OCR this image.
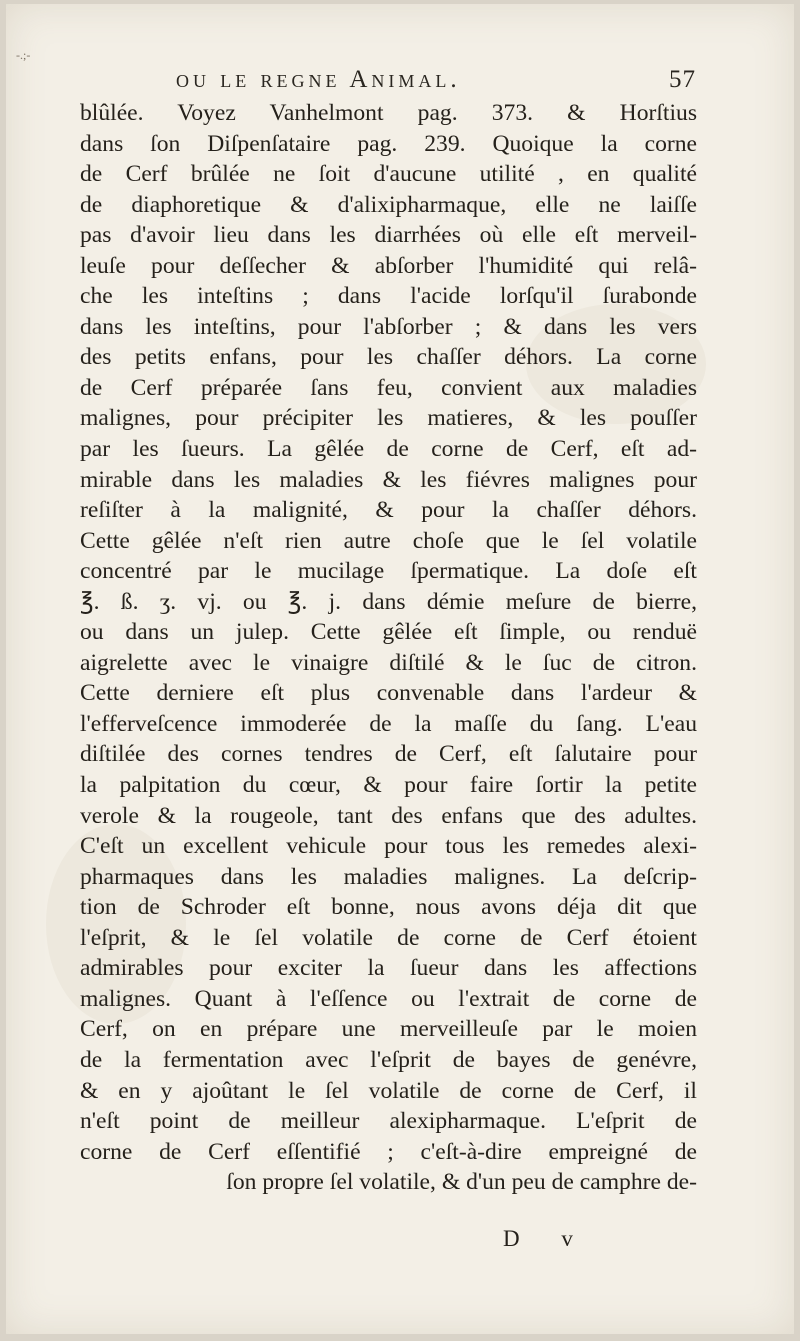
-.;-
ou le regne Animal.	57
blûlée. Voyez Vanhelmont pag. 373. & Horſtius
dans ſon Diſpenſataire pag. 239. Quoique la corne
de Cerf brûlée ne ſoit d'aucune utilité , en qualité
de diaphoretique & d'alixipharmaque, elle ne laiſſe
pas d'avoir lieu dans les diarrhées où elle eſt merveil-
leuſe pour deſſecher & abſorber l'humidité qui relâ-
che les inteſtins ; dans l'acide lorſqu'il ſurabonde
dans les inteſtins, pour l'abſorber ; & dans les vers
des petits enfans, pour les chaſſer déhors. La corne
de Cerf préparée ſans feu, convient aux maladies
malignes, pour précipiter les matieres, & les pouſſer
par les ſueurs. La gêlée de corne de Cerf, eſt ad-
mirable dans les maladies & les fiévres malignes pour
reſiſter à la malignité, & pour la chaſſer déhors.
Cette gêlée n'eſt rien autre choſe que le ſel volatile
concentré par le mucilage ſpermatique. La doſe eſt
℥. ß. ʒ. vj. ou ℥. j. dans démie meſure de bierre,
ou dans un julep. Cette gêlée eſt ſimple, ou renduë
aigrelette avec le vinaigre diſtilé & le ſuc de citron.
Cette derniere eſt plus convenable dans l'ardeur &
l'efferveſcence immoderée de la maſſe du ſang. L'eau
diſtilée des cornes tendres de Cerf, eſt ſalutaire pour
la palpitation du cœur, & pour faire ſortir la petite
verole & la rougeole, tant des enfans que des adultes.
C'eſt un excellent vehicule pour tous les remedes alexi-
pharmaques dans les maladies malignes. La deſcrip-
tion de Schroder eſt bonne, nous avons déja dit que
l'eſprit, & le ſel volatile de corne de Cerf étoient
admirables pour exciter la ſueur dans les affections
malignes. Quant à l'eſſence ou l'extrait de corne de
Cerf, on en prépare une merveilleuſe par le moien
de la fermentation avec l'eſprit de bayes de genévre,
& en y ajoûtant le ſel volatile de corne de Cerf, il
n'eſt point de meilleur alexipharmaque. L'eſprit de
corne de Cerf eſſentifié ; c'eſt-à-dire empreigné de
ſon propre ſel volatile, & d'un peu de camphre de-
D v
